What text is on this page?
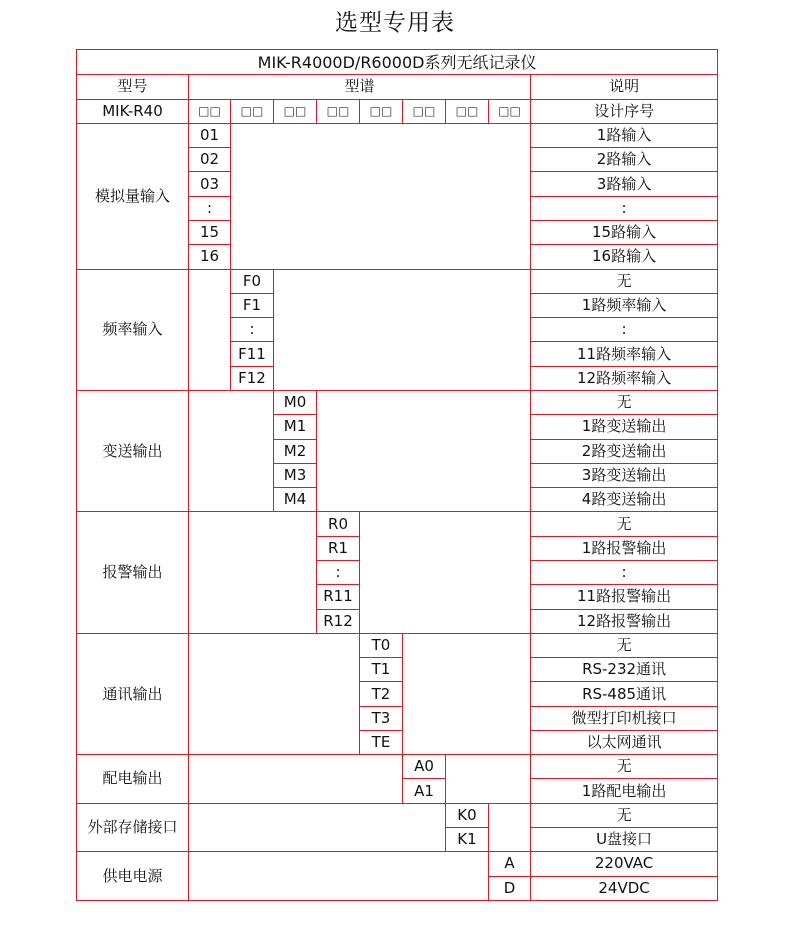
选型专用表
MIK-R4000D/R6000D系列无纸记录仪									
型号	型谱								说明
MIK-R40	□□	□□	□□	□□	□□	□□	□□	□□	设计序号
模拟量输入	01								1路输入
	02								2路输入
	03								3路输入
	:								:
	15								15路输入
	16								16路输入
频率输入		F0							无
		F1							1路频率输入
		:							:
		F11							11路频率输入
		F12							12路频率输入
变送输出			M0						无
			M1						1路变送输出
			M2						2路变送输出
			M3						3路变送输出
			M4						4路变送输出
报警输出				R0					无
				R1					1路报警输出
				:					:
				R11					11路报警输出
				R12					12路报警输出
通讯输出					T0				无
					T1				RS-232通讯
					T2				RS-485通讯
					T3				微型打印机接口
					TE				以太网通讯
配电输出						A0			无
						A1			1路配电输出
外部存储接口							K0		无
							K1		U盘接口
供电电源								A	220VAC
								D	24VDC
